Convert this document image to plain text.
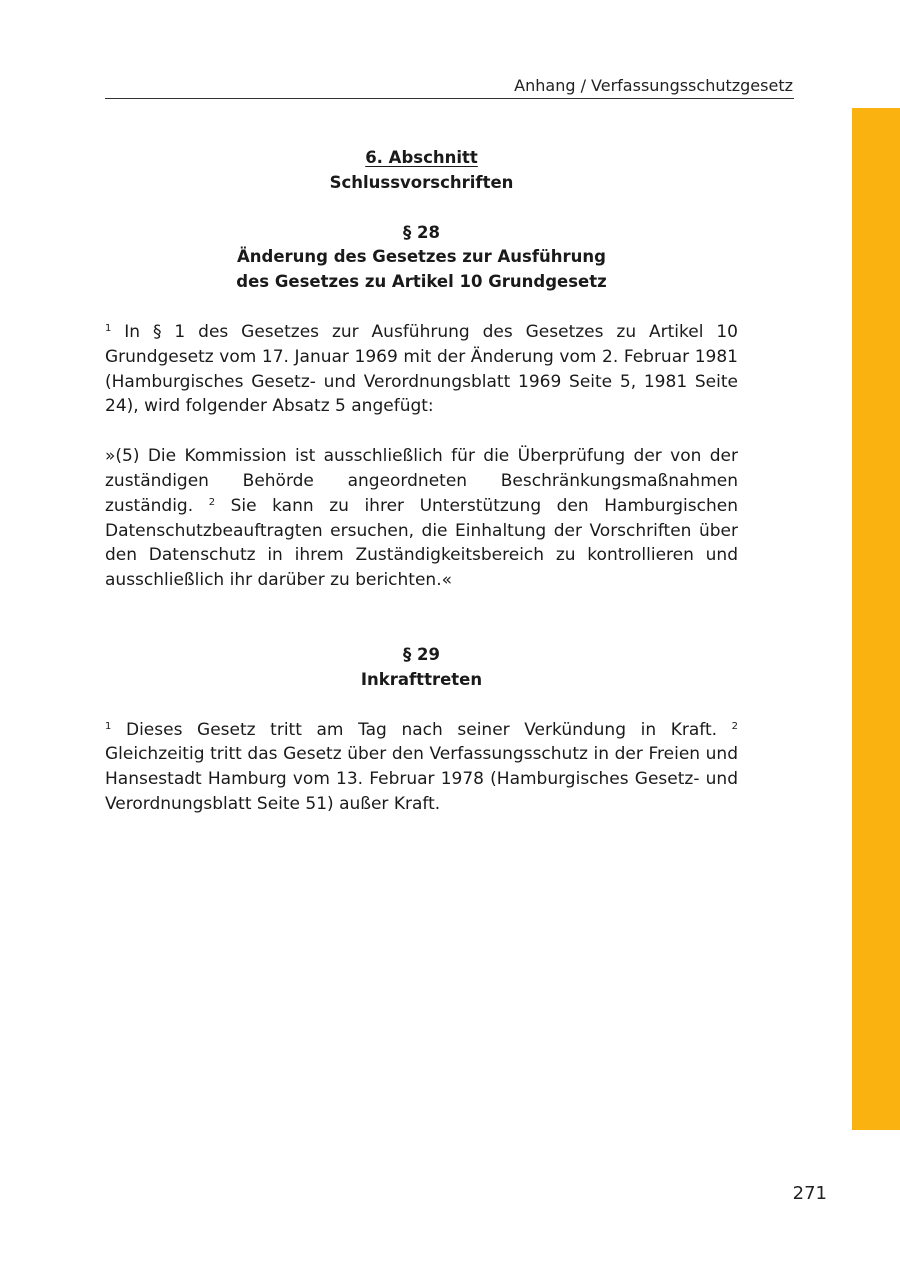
Anhang / Verfassungsschutzgesetz
6. Abschnitt
Schlussvorschriften
§ 28
Änderung des Gesetzes zur Ausführung
des Gesetzes zu Artikel 10 Grundgesetz

$^1$ In § 1 des Gesetzes zur Ausführung des Gesetzes zu Artikel 10 Grundgesetz vom 17. Januar 1969 mit der Änderung vom 2. Februar 1981 (Hamburgisches Gesetz- und Verordnungsblatt 1969 Seite 5, 1981 Seite 24), wird folgender Absatz 5 angefügt:

»(5) Die Kommission ist ausschließlich für die Überprüfung der von der zuständigen Behörde angeordneten Beschränkungsmaßnahmen zuständig. $^2$ Sie kann zu ihrer Unterstützung den Hamburgischen Datenschutzbeauftragten ersuchen, die Einhaltung der Vorschriften über den Datenschutz in ihrem Zuständigkeitsbereich zu kontrollieren und ausschließlich ihr darüber zu berichten.«

§ 29
Inkrafttreten

$^1$ Dieses Gesetz tritt am Tag nach seiner Verkündung in Kraft. $^2$ Gleichzeitig tritt das Gesetz über den Verfassungsschutz in der Freien und Hansestadt Hamburg vom 13. Februar 1978 (Hamburgisches Gesetz- und Verordnungsblatt Seite 51) außer Kraft.

271
